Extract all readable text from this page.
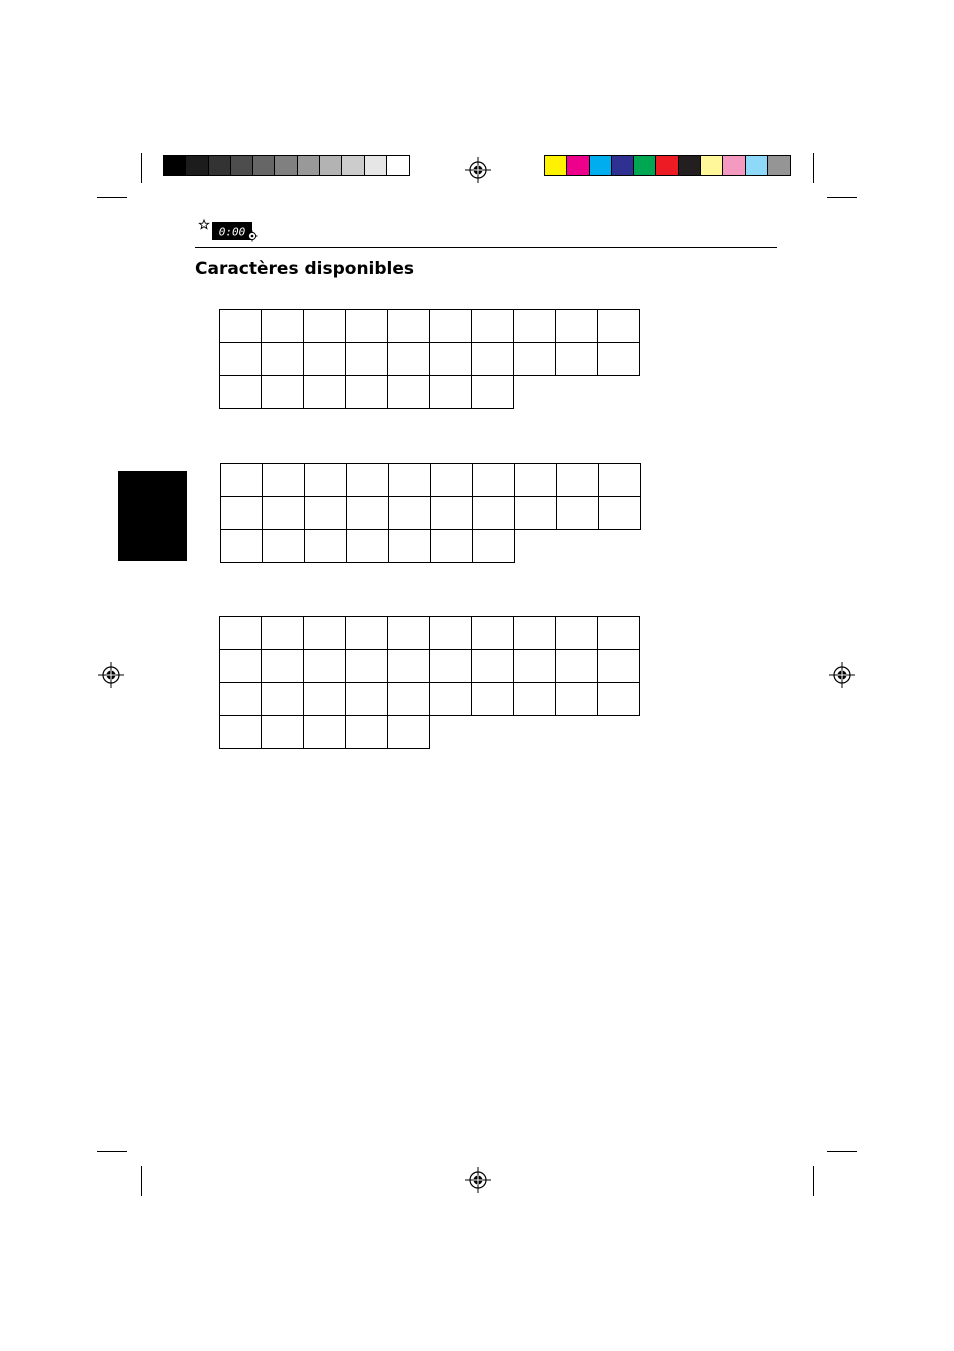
0:00
Caractères disponibles
